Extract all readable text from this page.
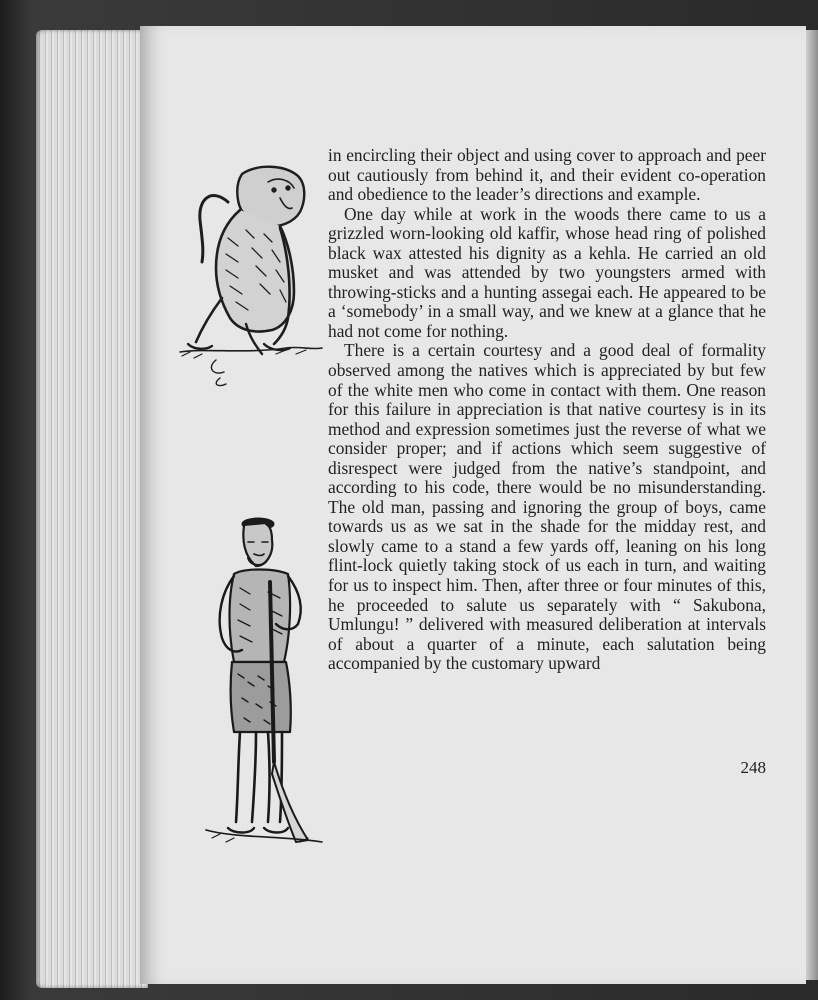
in encircling their object and using cover to approach and peer out cautiously from behind it, and their evident co-operation and obedience to the leader’s directions and example.

One day while at work in the woods there came to us a grizzled worn-looking old kaffir, whose head ring of polished black wax attested his dignity as a kehla. He carried an old musket and was attended by two youngsters armed with throwing-sticks and a hunting assegai each. He appeared to be a ‘somebody’ in a small way, and we knew at a glance that he had not come for nothing.

There is a certain courtesy and a good deal of formality observed among the natives which is appreciated by but few of the white men who come in contact with them. One reason for this failure in appreciation is that native courtesy is in its method and expression sometimes just the reverse of what we consider proper; and if actions which seem suggestive of disrespect were judged from the native’s standpoint, and according to his code, there would be no misunderstanding. The old man, passing and ignoring the group of boys, came towards us as we sat in the shade for the midday rest, and slowly came to a stand a few yards off, leaning on his long flint-lock quietly taking stock of us each in turn, and waiting for us to inspect him. Then, after three or four minutes of this, he proceeded to salute us separately with “ Sakubona, Umlungu! ” delivered with measured deliberation at intervals of about a quarter of a minute, each salutation being accompanied by the customary upward

248
